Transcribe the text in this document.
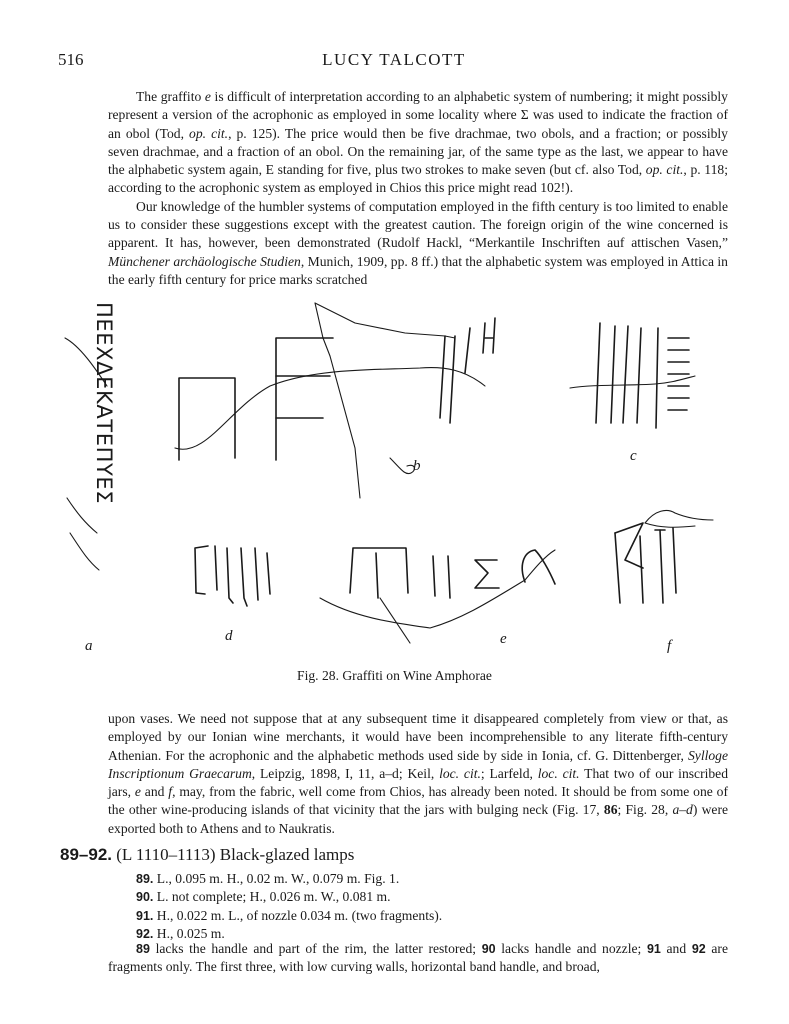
516	LUCY TALCOTT

The graffito e is difficult of interpretation according to an alphabetic system of numbering; it might possibly represent a version of the acrophonic as employed in some locality where Σ was used to indicate the fraction of an obol (Tod, op. cit., p. 125). The price would then be five drachmae, two obols, and a fraction; or possibly seven drachmae, and a fraction of an obol. On the remaining jar, of the same type as the last, we appear to have the alphabetic system again, E standing for five, plus two strokes to make seven (but cf. also Tod, op. cit., p. 118; according to the acrophonic system as employed in Chios this price might read 102!).

Our knowledge of the humbler systems of computation employed in the fifth century is too limited to enable us to consider these suggestions except with the greatest caution. The foreign origin of the wine concerned is apparent. It has, however, been demonstrated (Rudolf Hackl, “Merkantile Inschriften auf attischen Vasen,” Münchener archäologische Studien, Munich, 1909, pp. 8 ff.) that the alphabetic system was employed in Attica in the early fifth century for price marks scratched

ΠΕΕΧΔΕΚΑΤΕΠΥΕΣ
a
b
c
d	e	f
Fig. 28. Graffiti on Wine Amphorae

upon vases. We need not suppose that at any subsequent time it disappeared completely from view or that, as employed by our Ionian wine merchants, it would have been incomprehensible to any literate fifth-century Athenian. For the acrophonic and the alphabetic methods used side by side in Ionia, cf. G. Dittenberger, Sylloge Inscriptionum Graecarum, Leipzig, 1898, I, 11, a–d; Keil, loc. cit.; Larfeld, loc. cit. That two of our inscribed jars, e and f, may, from the fabric, well come from Chios, has already been noted. It should be from some one of the other wine-producing islands of that vicinity that the jars with bulging neck (Fig. 17, 86; Fig. 28, a–d) were exported both to Athens and to Naukratis.

89–92. (L 1110–1113) Black-glazed lamps
89. L., 0.095 m. H., 0.02 m. W., 0.079 m. Fig. 1.
90. L. not complete; H., 0.026 m. W., 0.081 m.
91. H., 0.022 m. L., of nozzle 0.034 m. (two fragments).
92. H., 0.025 m.
89 lacks the handle and part of the rim, the latter restored; 90 lacks handle and nozzle; 91 and 92 are fragments only. The first three, with low curving walls, horizontal band handle, and broad,
